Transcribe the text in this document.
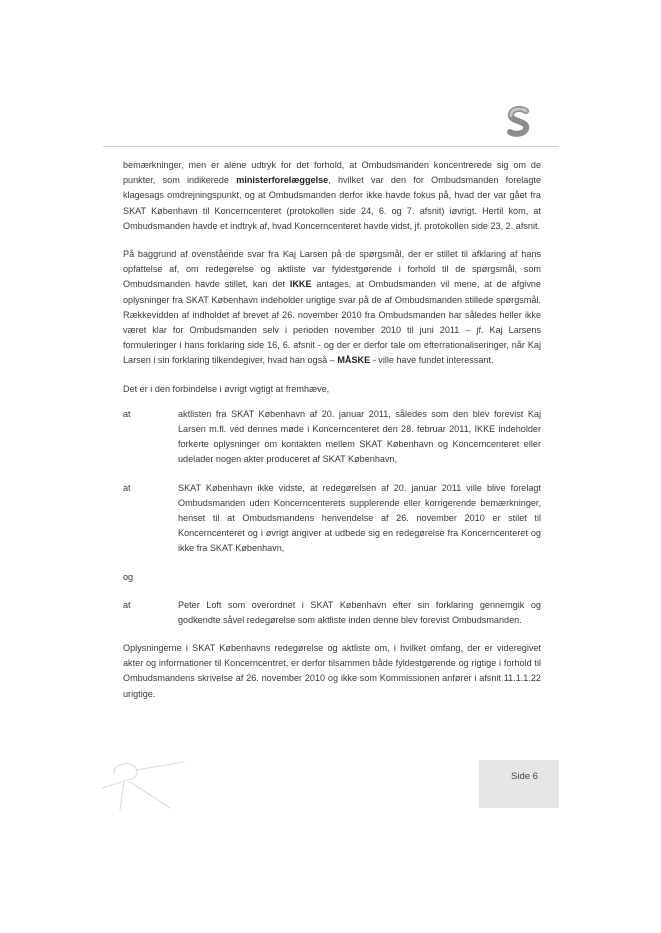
bemærkninger, men er alene udtryk for det forhold, at Ombudsmanden koncentrerede sig om de punkter, som indikerede ministerforelæggelse, hvilket var den for Ombudsmanden forelagte klagesags omdrejningspunkt, og at Ombudsmanden derfor ikke havde fokus på, hvad der var gået fra SKAT København til Koncerncenteret (protokollen side 24, 6. og 7. afsnit) iøvrigt. Hertil kom, at Ombudsmanden havde et indtryk af, hvad Koncerncenteret havde vidst, jf. protokollen side 23, 2. afsnit.

På baggrund af ovenstående svar fra Kaj Larsen på de spørgsmål, der er stillet til afklaring af hans opfattelse af, om redegørelse og aktliste var fyldestgørende i forhold til de spørgsmål, som Ombudsmanden havde stillet, kan det IKKE antages, at Ombudsmanden vil mene, at de afgivne oplysninger fra SKAT København indeholder urigtige svar på de af Ombudsmanden stillede spørgsmål. Rækkevidden af indholdet af brevet af 26. november 2010 fra Ombudsmanden har således heller ikke været klar for Ombudsmanden selv i perioden november 2010 til juni 2011 – jf. Kaj Larsens formuleringer i hans forklaring side 16, 6. afsnit - og der er derfor tale om efterrationaliseringer, når Kaj Larsen i sin forklaring tilkendegiver, hvad han også – MÅSKE - ville have fundet interessant.

Det er i den forbindelse i øvrigt vigtigt at fremhæve,

at	aktlisten fra SKAT København af 20. januar 2011, således som den blev forevist Kaj Larsen m.fl. ved dennes møde i Koncerncenteret den 28. februar 2011, IKKE indeholder forkerte oplysninger om kontakten mellem SKAT København og Koncerncenteret eller udelader nogen akter produceret af SKAT København,
at	SKAT København ikke vidste, at redegørelsen af 20. januar 2011 ville blive forelagt Ombudsmanden uden Koncerncenterets supplerende eller korrigerende bemærkninger, henset til at Ombudsmandens henvendelse af 26. november 2010 er stilet til Koncerncenteret og i øvrigt angiver at udbede sig en redegørelse fra Koncerncenteret og ikke fra SKAT København,
og
at	Peter Loft som overordnet i SKAT København efter sin forklaring gennemgik og godkendte såvel redegørelse som aktliste inden denne blev forevist Ombudsmanden.

Oplysningerne i SKAT Københavns redegørelse og aktliste om, i hvilket omfang, der er videregivet akter og informationer til Koncerncentret, er derfor tilsammen både fyldestgørende og rigtige i forhold til Ombudsmandens skrivelse af 26. november 2010 og ikke som Kommissionen anfører i afsnit 11.1.1.22 urigtige.

Side 6
